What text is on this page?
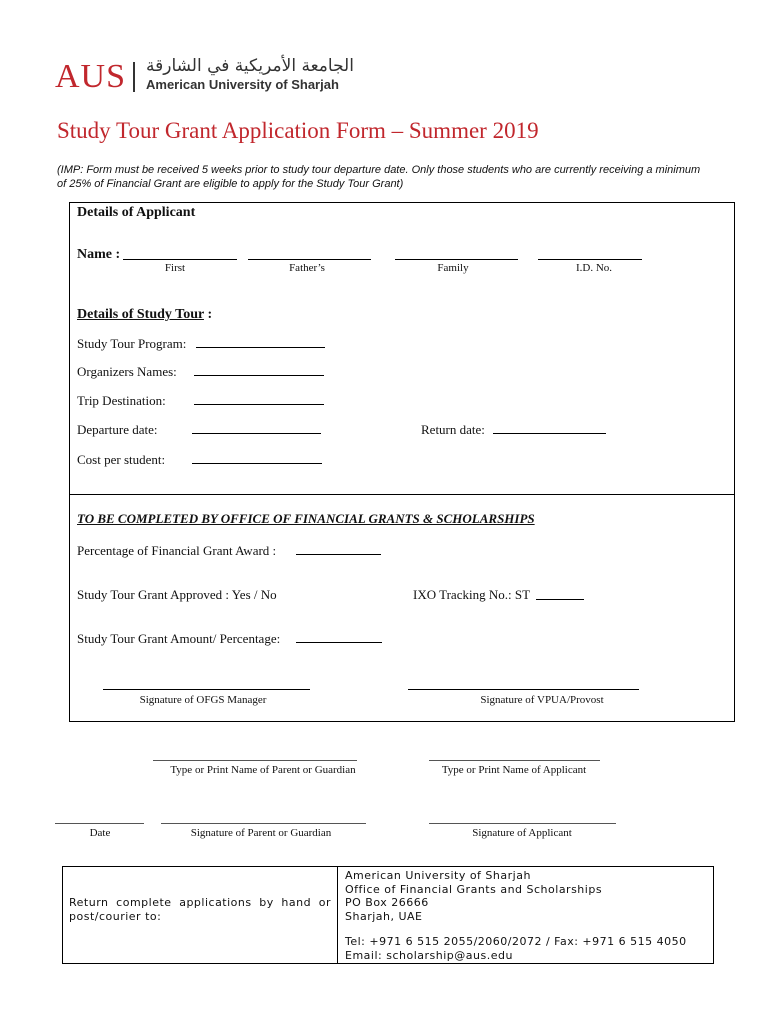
AUS الجامعة الأمريكية في الشارقة
American University of Sharjah
Study Tour Grant Application Form – Summer 2019
(IMP: Form must be received 5 weeks prior to study tour departure date. Only those students who are currently receiving a minimum of 25% of Financial Grant are eligible to apply for the Study Tour Grant)
Details of Applicant
Name :
First	Father’s	Family	I.D. No.
Details of Study Tour :
Study Tour Program:
Organizers Names:
Trip Destination:
Departure date:	Return date:
Cost per student:
TO BE COMPLETED BY OFFICE OF FINANCIAL GRANTS & SCHOLARSHIPS
Percentage of Financial Grant Award :
Study Tour Grant Approved : Yes / No	IXO Tracking No.: ST
Study Tour Grant Amount/ Percentage:
Signature of OFGS Manager	Signature of VPUA/Provost
Type or Print Name of Parent or Guardian	Type or Print Name of Applicant
Date	Signature of Parent or Guardian	Signature of Applicant
Return complete applications by hand or post/courier to:
American University of Sharjah
Office of Financial Grants and Scholarships
PO Box 26666
Sharjah, UAE
Tel: +971 6 515 2055/2060/2072 / Fax: +971 6 515 4050
Email: scholarship@aus.edu
